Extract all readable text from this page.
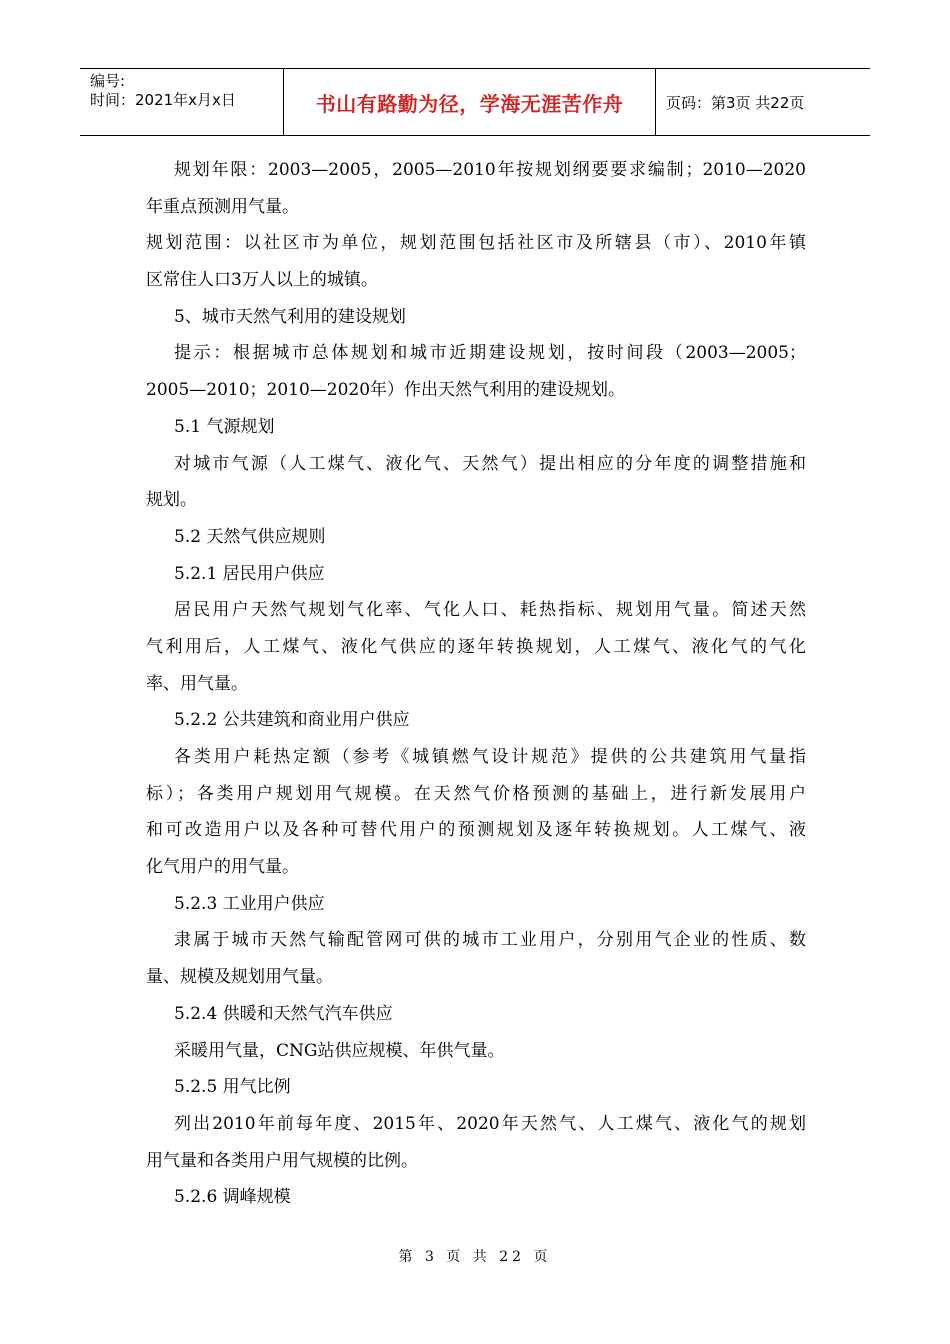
编号:
时间：2021年x月x日	书山有路勤为径，学海无涯苦作舟	页码：第3页 共22页
规划年限：2003—2005，2005—2010年按规划纲要要求编制；2010—2020
年重点预测用气量。
规划范围：以社区市为单位，规划范围包括社区市及所辖县（市）、2010年镇
区常住人口3万人以上的城镇。
5、城市天然气利用的建设规划
提示：根据城市总体规划和城市近期建设规划，按时间段（2003—2005；
2005—2010；2010—2020年）作出天然气利用的建设规划。
5.1 气源规划
对城市气源（人工煤气、液化气、天然气）提出相应的分年度的调整措施和
规划。
5.2 天然气供应规则
5.2.1 居民用户供应
居民用户天然气规划气化率、气化人口、耗热指标、规划用气量。简述天然
气利用后，人工煤气、液化气供应的逐年转换规划，人工煤气、液化气的气化
率、用气量。
5.2.2 公共建筑和商业用户供应
各类用户耗热定额（参考《城镇燃气设计规范》提供的公共建筑用气量指
标）；各类用户规划用气规模。在天然气价格预测的基础上，进行新发展用户
和可改造用户以及各种可替代用户的预测规划及逐年转换规划。人工煤气、液
化气用户的用气量。
5.2.3 工业用户供应
隶属于城市天然气输配管网可供的城市工业用户，分别用气企业的性质、数
量、规模及规划用气量。
5.2.4 供暖和天然气汽车供应
采暖用气量，CNG站供应规模、年供气量。
5.2.5 用气比例
列出2010年前每年度、2015年、2020年天然气、人工煤气、液化气的规划
用气量和各类用户用气规模的比例。
5.2.6 调峰规模
第 3 页 共 22 页
